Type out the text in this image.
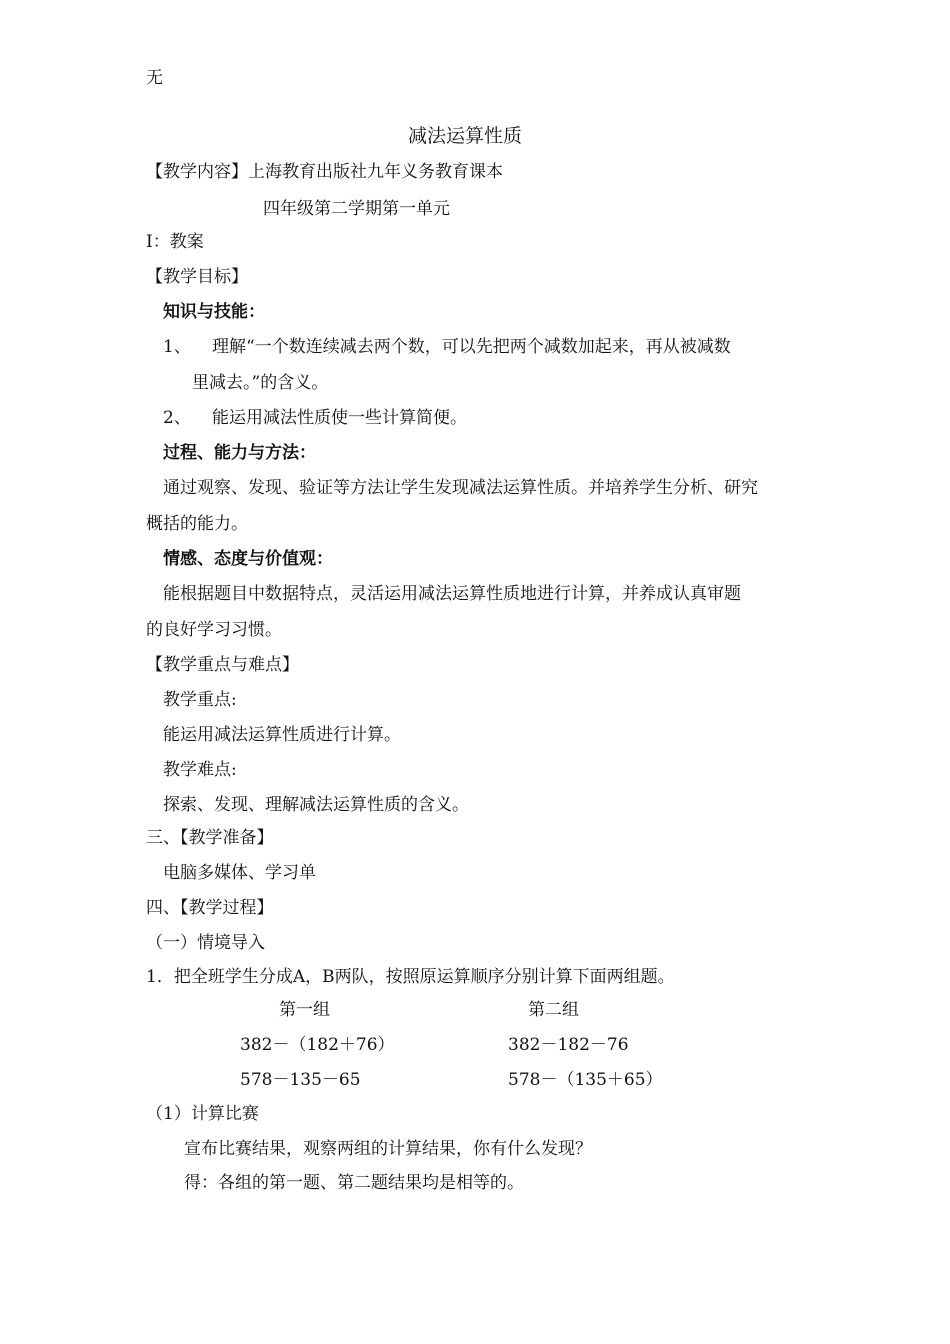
无
减法运算性质
【教学内容】上海教育出版社九年义务教育课本
四年级第二学期第一单元
Ⅰ：教案
【教学目标】
知识与技能：
1、 理解“一个数连续减去两个数，可以先把两个减数加起来，再从被减数
里减去。”的含义。
2、 能运用减法性质使一些计算简便。
过程、能力与方法：
通过观察、发现、验证等方法让学生发现减法运算性质。并培养学生分析、研究
概括的能力。
情感、态度与价值观：
能根据题目中数据特点，灵活运用减法运算性质地进行计算，并养成认真审题
的良好学习习惯。
【教学重点与难点】
教学重点:
能运用减法运算性质进行计算。
教学难点:
探索、发现、理解减法运算性质的含义。
三、【教学准备】
电脑多媒体、学习单
四、【教学过程】
（一）情境导入
1．把全班学生分成A，B两队，按照原运算顺序分别计算下面两组题。
第一组	第二组
382－（182＋76）	382－182－76
578－135－65	578－（135＋65）
（1）计算比赛
宣布比赛结果，观察两组的计算结果，你有什么发现？
得：各组的第一题、第二题结果均是相等的。
